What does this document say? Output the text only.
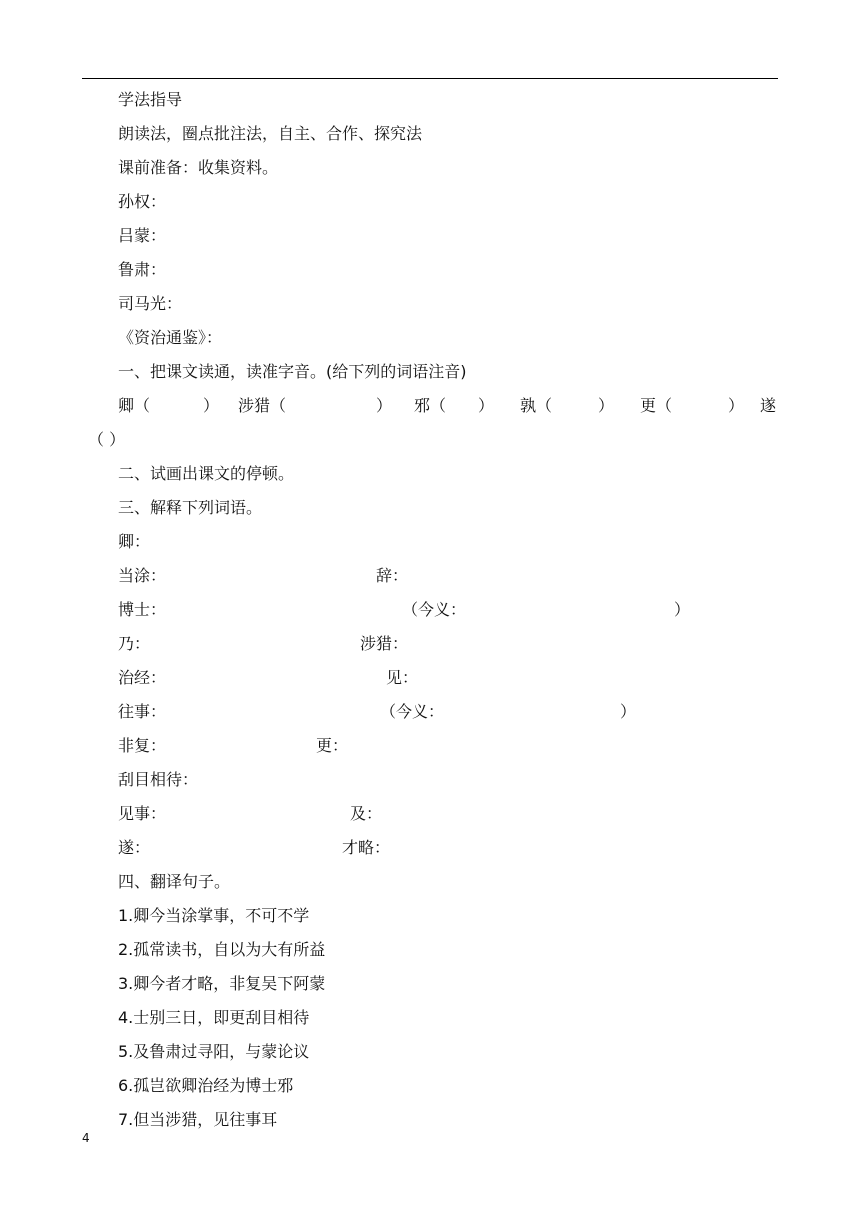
学法指导
朗读法，圈点批注法，自主、合作、探究法
课前准备：收集资料。
孙权：
吕蒙：
鲁肃：
司马光：
《资治通鉴》：
一、把课文读通，读准字音。(给下列的词语注音)
卿（	） 涉猎（	） 邪（ ） 孰（	） 更（	） 遂
（ ）
二、试画出课文的停顿。
三、解释下列词语。
卿：
当涂：	辞：
博士：	（今义：	）
乃：	涉猎：
治经：	见：
往事：	（今义：	）
非复：	更：
刮目相待：
见事：	及：
遂：	才略：
四、翻译句子。
1.卿今当涂掌事，不可不学
2.孤常读书，自以为大有所益
3.卿今者才略，非复吴下阿蒙
4.士别三日，即更刮目相待
5.及鲁肃过寻阳，与蒙论议
6.孤岂欲卿治经为博士邪
7.但当涉猎，见往事耳
4
